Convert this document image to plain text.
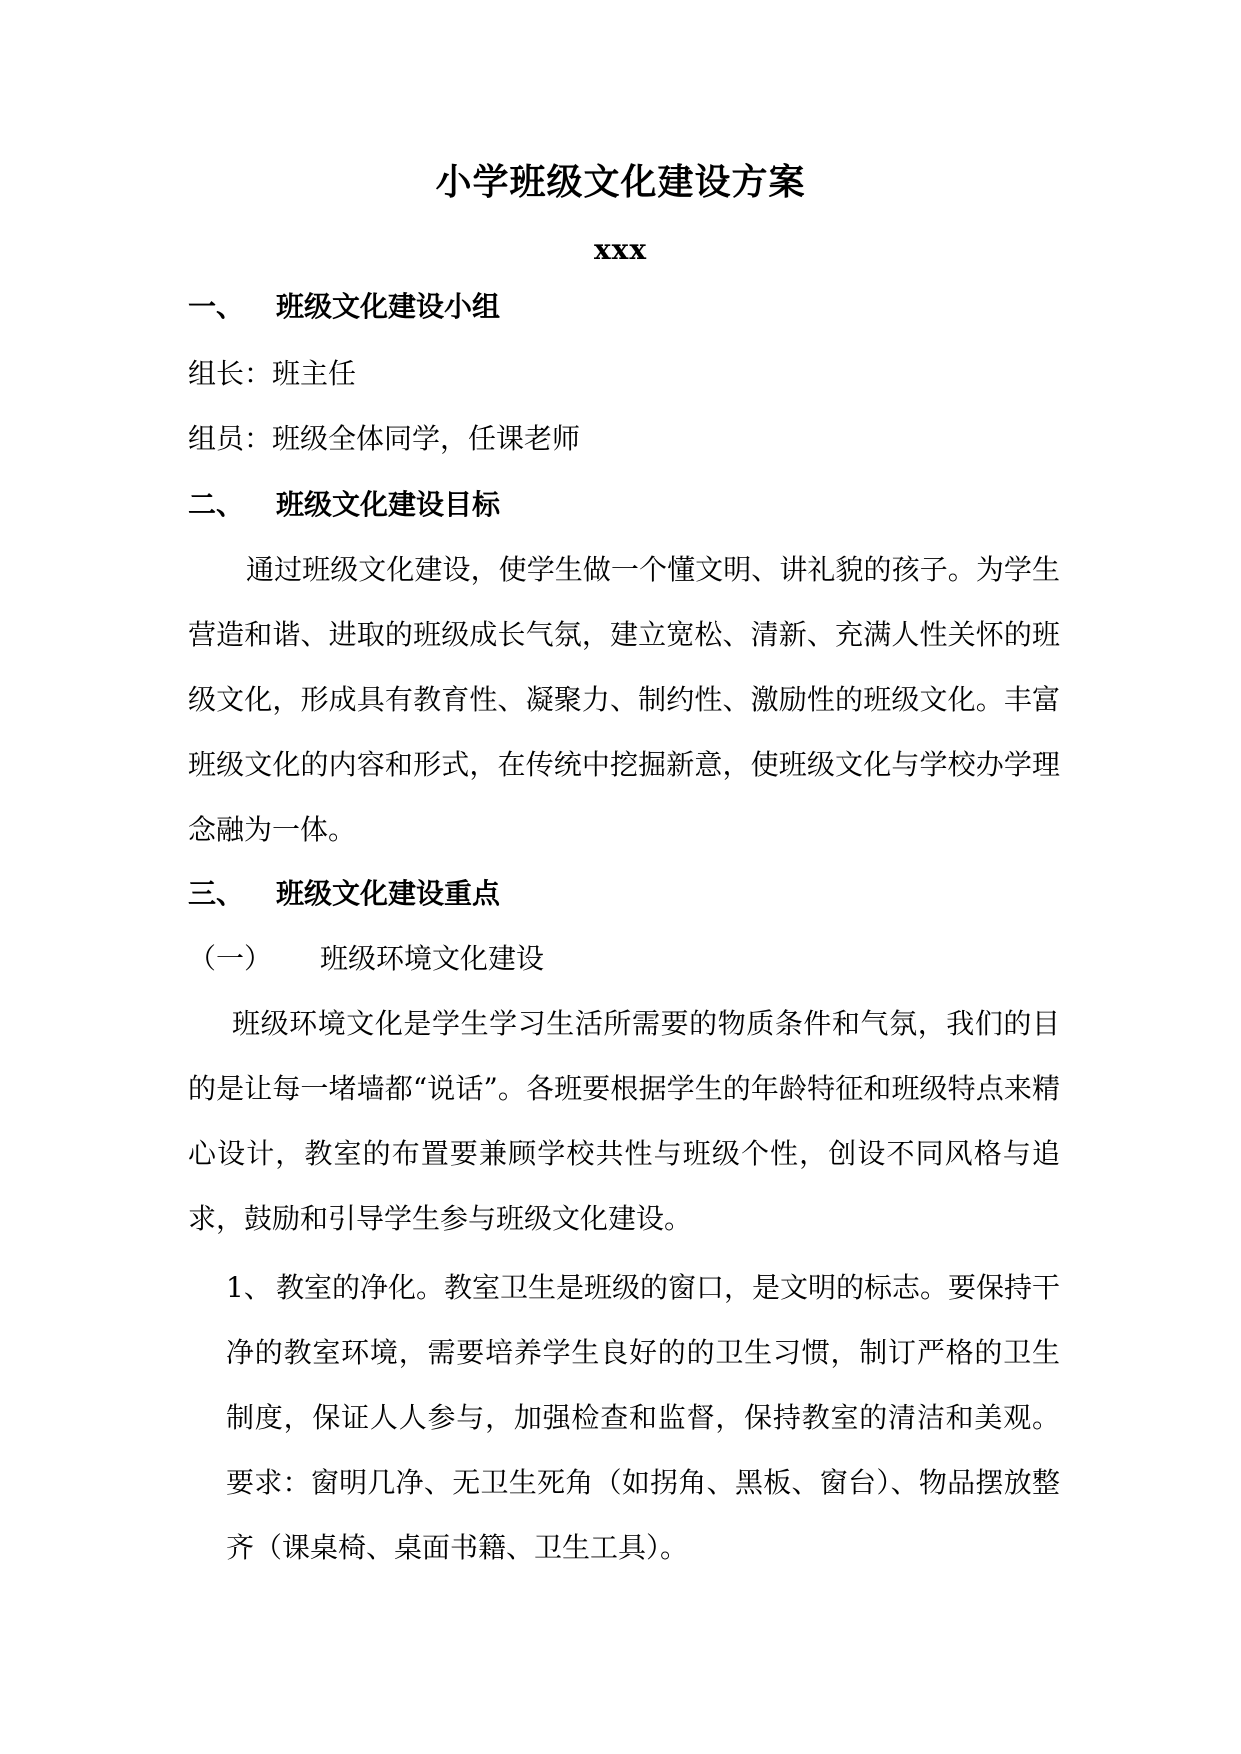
小学班级文化建设方案
xxx
一、 班级文化建设小组
组长：班主任
组员：班级全体同学，任课老师
二、 班级文化建设目标

通过班级文化建设，使学生做一个懂文明、讲礼貌的孩子。为学生营造和谐、进取的班级成长气氛，建立宽松、清新、充满人性关怀的班级文化，形成具有教育性、凝聚力、制约性、激励性的班级文化。丰富班级文化的内容和形式，在传统中挖掘新意，使班级文化与学校办学理念融为一体。

三、 班级文化建设重点
（一） 班级环境文化建设

班级环境文化是学生学习生活所需要的物质条件和气氛，我们的目的是让每一堵墙都“说话”。各班要根据学生的年龄特征和班级特点来精心设计，教室的布置要兼顾学校共性与班级个性，创设不同风格与追求，鼓励和引导学生参与班级文化建设。

1、 教室的净化。教室卫生是班级的窗口，是文明的标志。要保持干净的教室环境，需要培养学生良好的的卫生习惯，制订严格的卫生制度，保证人人参与，加强检查和监督，保持教室的清洁和美观。要求：窗明几净、无卫生死角（如拐角、黑板、窗台）、物品摆放整齐（课桌椅、桌面书籍、卫生工具）。
